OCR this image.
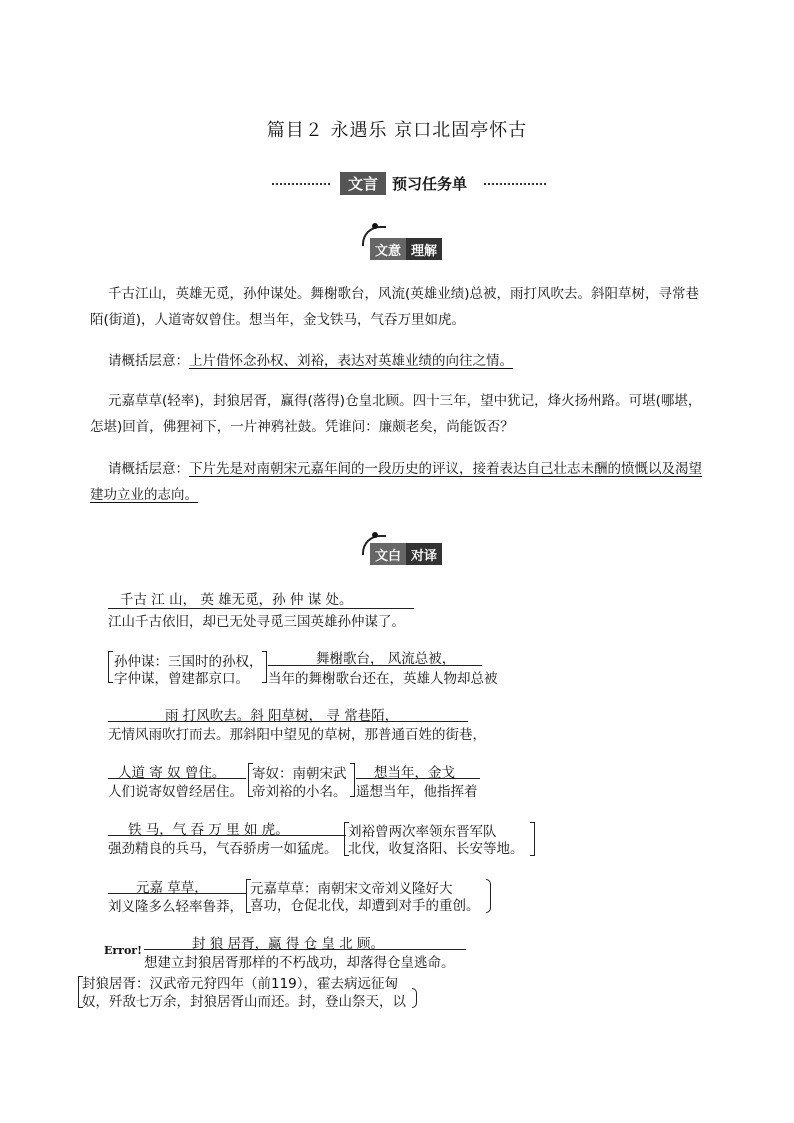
篇目２ 永遇乐 京口北固亭怀古
文言 预习任务单
文意 理解
千古江山，英雄无觅，孙仲谋处。舞榭歌台，风流(英雄业绩)总被，雨打风吹去。斜阳草树，寻常巷
陌(街道)，人道寄奴曾住。想当年，金戈铁马，气吞万里如虎。
请概括层意：上片借怀念孙权、刘裕，表达对英雄业绩的向往之情。
元嘉草草(轻率)，封狼居胥，赢得(落得)仓皇北顾。四十三年，望中犹记，烽火扬州路。可堪(哪堪，
怎堪)回首，佛狸祠下，一片神鸦社鼓。凭谁问：廉颇老矣，尚能饭否？
请概括层意：下片先是对南朝宋元嘉年间的一段历史的评议，接着表达自己壮志未酬的愤慨以及渴望
建功立业的志向。
文白 对译
千古 江 山， 英 雄无觅，孙 仲 谋 处。
江山千古依旧，却已无处寻觅三国英雄孙仲谋了。
孙仲谋：三国时的孙权，
字仲谋，曾建都京口。
舞榭歌台， 风流总被，
当年的舞榭歌台还在，英雄人物却总被
雨 打风吹去。斜 阳草树， 寻 常巷陌，
无情风雨吹打而去。那斜阳中望见的草树，那普通百姓的街巷，
人道 寄 奴 曾住。
人们说寄奴曾经居住。
寄奴：南朝宋武
帝刘裕的小名。
想当年，金戈
遥想当年，他指挥着
铁 马，气 吞 万 里 如 虎。
强劲精良的兵马，气吞骄虏一如猛虎。
刘裕曾两次率领东晋军队
北伐，收复洛阳、长安等地。
元嘉 草草，
刘义隆多么轻率鲁莽，
元嘉草草：南朝宋文帝刘义隆好大
喜功，仓促北伐，却遭到对手的重创。
Error!	封 狼 居胥，赢 得 仓 皇 北 顾。
想建立封狼居胥那样的不朽战功，却落得仓皇逃命。
封狼居胥：汉武帝元狩四年（前119），霍去病远征匈
奴，歼敌七万余，封狼居胥山而还。封，登山祭天，以
